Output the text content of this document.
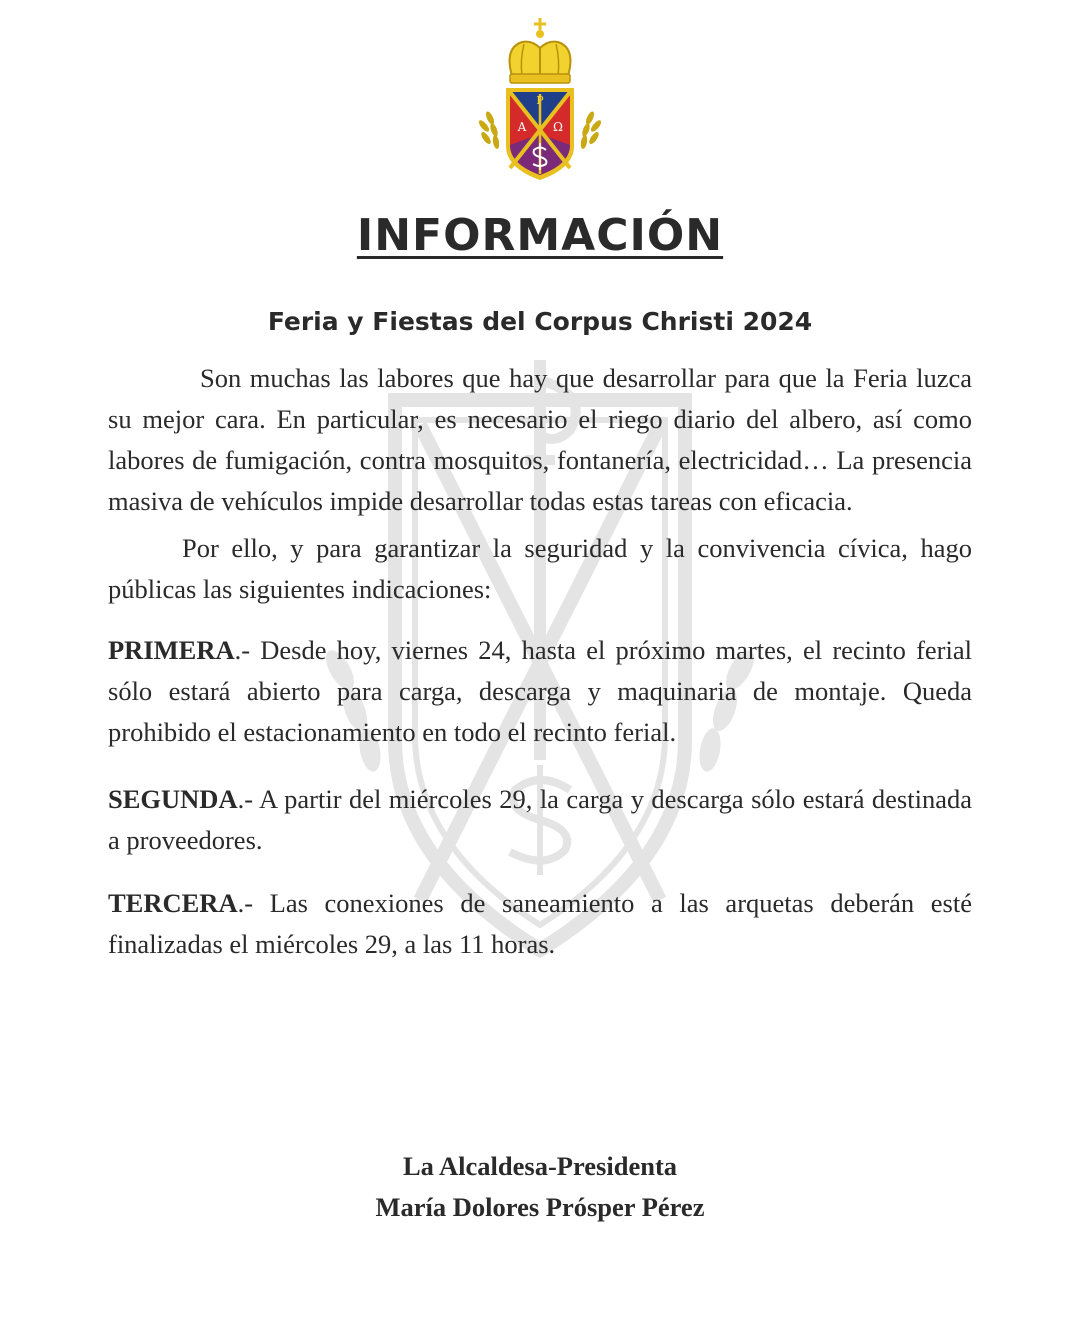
P
A Ω
INFORMACIÓN
Feria y Fiestas del Corpus Christi 2024

Son muchas las labores que hay que desarrollar para que la Feria luzca su mejor cara. En particular, es necesario el riego diario del albero, así como labores de fumigación, contra mosquitos, fontanería, electricidad… La presencia masiva de vehículos impide desarrollar todas estas tareas con eficacia.

Por ello, y para garantizar la seguridad y la convivencia cívica, hago públicas las siguientes indicaciones:

PRIMERA.- Desde hoy, viernes 24, hasta el próximo martes, el recinto ferial sólo estará abierto para carga, descarga y maquinaria de montaje. Queda prohibido el estacionamiento en todo el recinto ferial.

SEGUNDA.- A partir del miércoles 29, la carga y descarga sólo estará destinada a proveedores.

TERCERA.- Las conexiones de saneamiento a las arquetas deberán esté finalizadas el miércoles 29, a las 11 horas.

La Alcaldesa-Presidenta
María Dolores Prósper Pérez
